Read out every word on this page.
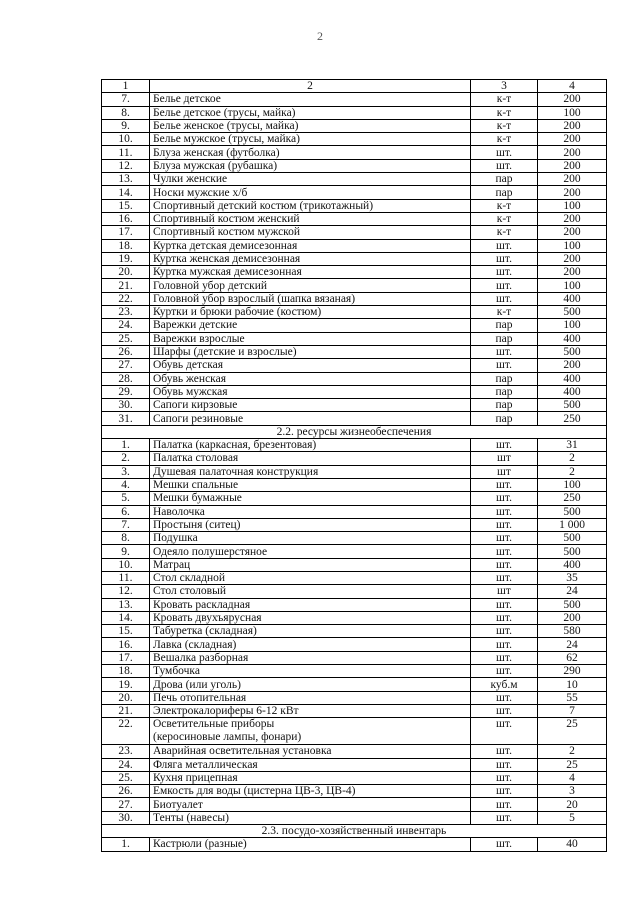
2
1	2	3	4
7.	Белье детское	к-т	200
8.	Белье детское (трусы, майка)	к-т	100
9.	Белье женское (трусы, майка)	к-т	200
10.	Белье мужское (трусы, майка)	к-т	200
11.	Блуза женская (футболка)	шт.	200
12.	Блуза мужская (рубашка)	шт.	200
13.	Чулки женские	пар	200
14.	Носки мужские х/б	пар	200
15.	Спортивный детский костюм (трикотажный)	к-т	100
16.	Спортивный костюм женский	к-т	200
17.	Спортивный костюм мужской	к-т	200
18.	Куртка детская демисезонная	шт.	100
19.	Куртка женская демисезонная	шт.	200
20.	Куртка мужская демисезонная	шт.	200
21.	Головной убор детский	шт.	100
22.	Головной убор взрослый (шапка вязаная)	шт.	400
23.	Куртки и брюки рабочие (костюм)	к-т	500
24.	Варежки детские	пар	100
25.	Варежки взрослые	пар	400
26.	Шарфы (детские и взрослые)	шт.	500
27.	Обувь детская	шт.	200
28.	Обувь женская	пар	400
29.	Обувь мужская	пар	400
30.	Сапоги кирзовые	пар	500
31.	Сапоги резиновые	пар	250
2.2. ресурсы жизнеобеспечения			
1.	Палатка (каркасная, брезентовая)	шт.	31
2.	Палатка столовая	шт	2
3.	Душевая палаточная конструкция	шт	2
4.	Мешки спальные	шт.	100
5.	Мешки бумажные	шт.	250
6.	Наволочка	шт.	500
7.	Простыня (ситец)	шт.	1 000
8.	Подушка	шт.	500
9.	Одеяло полушерстяное	шт.	500
10.	Матрац	шт.	400
11.	Стол складной	шт.	35
12.	Стол столовый	шт	24
13.	Кровать раскладная	шт.	500
14.	Кровать двухъярусная	шт.	200
15.	Табуретка (складная)	шт.	580
16.	Лавка (складная)	шт.	24
17.	Вешалка разборная	шт.	62
18.	Тумбочка	шт.	290
19.	Дрова (или уголь)	куб.м	10
20.	Печь отопительная	шт.	55
21.	Электрокалориферы 6-12 кВт	шт.	7
22.	Осветительные приборы
(керосиновые лампы, фонари)	шт.	25
23.	Аварийная осветительная установка	шт.	2
24.	Фляга металлическая	шт.	25
25.	Кухня прицепная	шт.	4
26.	Емкость для воды (цистерна ЦВ-3, ЦВ-4)	шт.	3
27.	Биотуалет	шт.	20
30.	Тенты (навесы)	шт.	5
2.3. посудо-хозяйственный инвентарь			
1.	Кастрюли (разные)	шт.	40
